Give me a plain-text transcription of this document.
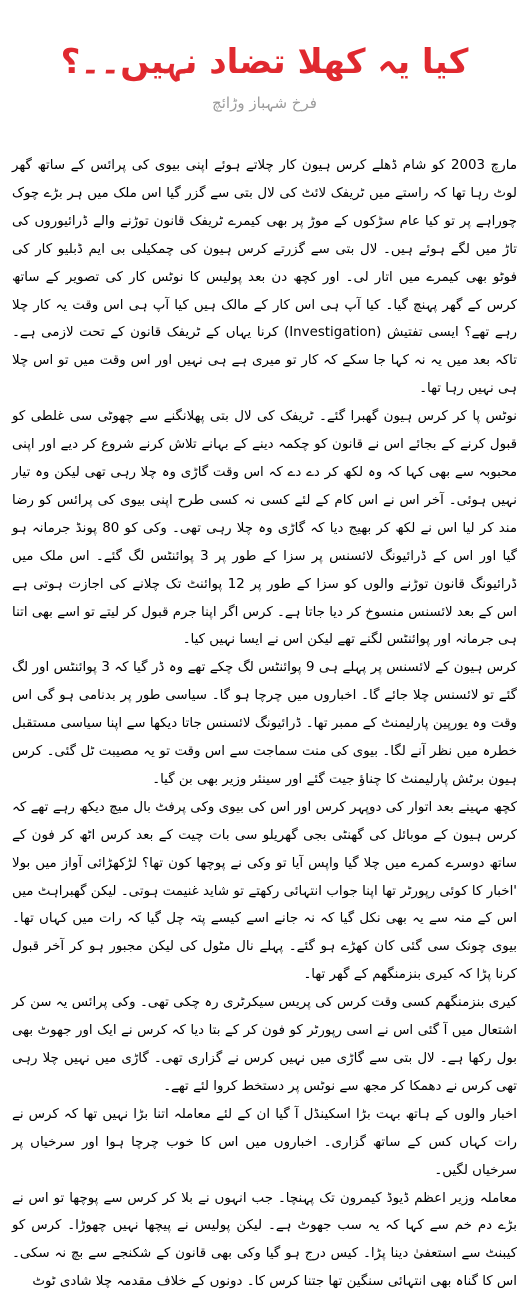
کیا یہ کھلا تضاد نہیں۔۔؟
فرخ شہباز وڑائچ

مارچ 2003 کو شام ڈھلے کرس ہیون کار چلاتے ہوئے اپنی بیوی کی پرائس کے ساتھ گھر لوٹ رہا تھا کہ راستے میں ٹریفک لائٹ کی لال بتی سے گزر گیا اس ملک میں ہر بڑے چوک چوراہے پر تو کیا عام سڑکوں کے موڑ پر بھی کیمرے ٹریفک قانون توڑنے والے ڈرائیوروں کی تاڑ میں لگے ہوئے ہیں۔ لال بتی سے گزرتے کرس ہیون کی چمکیلی بی ایم ڈبلیو کار کی فوٹو بھی کیمرے میں اتار لی۔ اور کچھ دن بعد پولیس کا نوٹس کار کی تصویر کے ساتھ کرس کے گھر پہنچ گیا۔ کیا آپ ہی اس کار کے مالک ہیں کیا آپ ہی اس وقت یہ کار چلا رہے تھے؟ ایسی تفتیش (Investigation) کرنا یہاں کے ٹریفک قانون کے تحت لازمی ہے۔ تاکہ بعد میں یہ نہ کہا جا سکے کہ کار تو میری ہے ہی نہیں اور اس وقت میں تو اس چلا ہی نہیں رہا تھا۔

نوٹس پا کر کرس ہیون گھبرا گئے۔ ٹریفک کی لال بتی پھلانگنے سے چھوٹی سی غلطی کو قبول کرنے کے بجائے اس نے قانون کو چکمہ دینے کے بہانے تلاش کرنے شروع کر دیے اور اپنی محبوبہ سے بھی کہا کہ وہ لکھ کر دے دے کہ اس وقت گاڑی وہ چلا رہی تھی لیکن وہ تیار نہیں ہوئی۔ آخر اس نے اس کام کے لئے کسی نہ کسی طرح اپنی بیوی کی پرائس کو رضا مند کر لیا اس نے لکھ کر بھیج دیا کہ گاڑی وہ چلا رہی تھی۔ وکی کو 80 پونڈ جرمانہ ہو گیا اور اس کے ڈرائیونگ لائسنس پر سزا کے طور پر 3 پوائنٹس لگ گئے۔ اس ملک میں ڈرائیونگ قانون توڑنے والوں کو سزا کے طور پر 12 پوائنٹ تک چلانے کی اجازت ہوتی ہے اس کے بعد لائسنس منسوخ کر دیا جاتا ہے۔ کرس اگر اپنا جرم قبول کر لیتے تو اسے بھی اتنا ہی جرمانہ اور پوائنٹس لگنے تھے لیکن اس نے ایسا نہیں کیا۔

کرس ہیون کے لائسنس پر پہلے ہی 9 پوائنٹس لگ چکے تھے وہ ڈر گیا کہ 3 پوائنٹس اور لگ گئے تو لائسنس چلا جائے گا۔ اخباروں میں چرچا ہو گا۔ سیاسی طور پر بدنامی ہو گی اس وقت وہ یورپین پارلیمنٹ کے ممبر تھا۔ ڈرائیونگ لائسنس جاتا دیکھا سے اپنا سیاسی مستقبل خطرہ میں نظر آنے لگا۔ بیوی کی منت سماجت سے اس وقت تو یہ مصیبت ٹل گئی۔ کرس ہیون برٹش پارلیمنٹ کا چناؤ جیت گئے اور سینئر وزیر بھی بن گیا۔

کچھ مہینے بعد اتوار کی دوپہر کرس اور اس کی بیوی وکی پرفٹ بال میچ دیکھ رہے تھے کہ کرس ہیون کے موبائل کی گھنٹی بجی گھریلو سی بات چیت کے بعد کرس اٹھ کر فون کے ساتھ دوسرے کمرے میں چلا گیا واپس آیا تو وکی نے پوچھا کون تھا؟ لڑکھڑائی آواز میں بولا 'اخبار کا کوئی رپورٹر تھا اپنا جواب انتہائی رکھتے تو شاید غنیمت ہوتی۔ لیکن گھبراہٹ میں اس کے منہ سے یہ بھی نکل گیا کہ نہ جانے اسے کیسے پتہ چل گیا کہ رات میں کہاں تھا۔ بیوی چونک سی گئی کان کھڑے ہو گئے۔ پہلے نال مٹول کی لیکن مجبور ہو کر آخر قبول کرنا پڑا کہ کیری بنزمنگھم کے گھر تھا۔

کیری بنزمنگھم کسی وقت کرس کی پریس سیکرٹری رہ چکی تھی۔ وکی پرائس یہ سن کر اشتعال میں آ گئی اس نے اسی رپورٹر کو فون کر کے بتا دیا کہ کرس نے ایک اور جھوٹ بھی بول رکھا ہے۔ لال بتی سے گاڑی میں نہیں کرس نے گزاری تھی۔ گاڑی میں نہیں چلا رہی تھی کرس نے دھمکا کر مجھ سے نوٹس پر دستخط کروا لئے تھے۔

اخبار والوں کے ہاتھ بہت بڑا اسکینڈل آ گیا ان کے لئے معاملہ اتنا بڑا نہیں تھا کہ کرس نے رات کہاں کس کے ساتھ گزاری۔ اخباروں میں اس کا خوب چرچا ہوا اور سرخیاں پر سرخیاں لگیں۔

معاملہ وزیر اعظم ڈیوڈ کیمرون تک پہنچا۔ جب انہوں نے بلا کر کرس سے پوچھا تو اس نے بڑے دم خم سے کہا کہ یہ سب جھوٹ ہے۔ لیکن پولیس نے پیچھا نہیں چھوڑا۔ کرس کو کیبنٹ سے استعفیٰ دینا پڑا۔ کیس درج ہو گیا وکی بھی قانون کے شکنجے سے بچ نہ سکی۔ اس کا گناہ بھی انتہائی سنگین تھا جتنا کرس کا۔ دونوں کے خلاف مقدمہ چلا شادی ٹوٹ
